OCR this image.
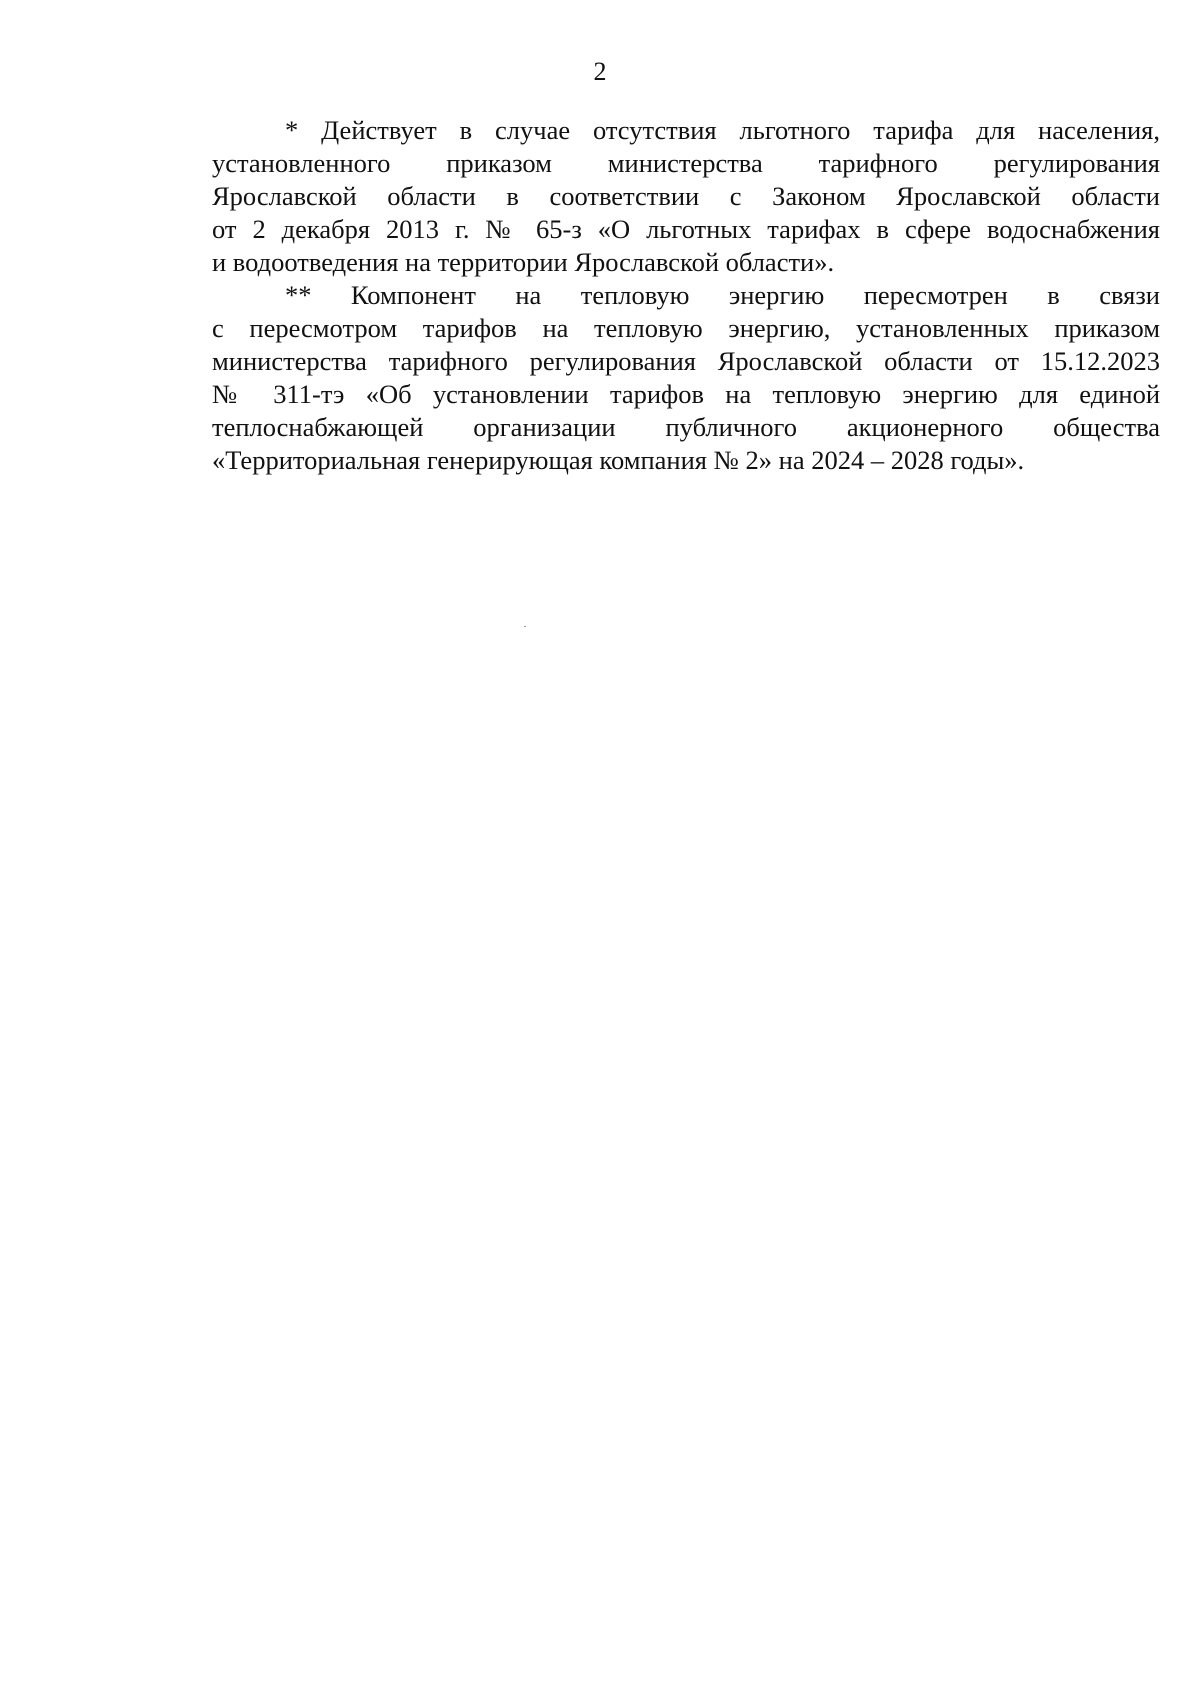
2
* Действует в случае отсутствия льготного тарифа для населения,
установленного приказом министерства тарифного регулирования
Ярославской области в соответствии с Законом Ярославской области
от 2 декабря 2013 г. № 65-з «О льготных тарифах в сфере водоснабжения
и водоотведения на территории Ярославской области».
** Компонент на тепловую энергию пересмотрен в связи
с пересмотром тарифов на тепловую энергию, установленных приказом
министерства тарифного регулирования Ярославской области от 15.12.2023
№ 311-тэ «Об установлении тарифов на тепловую энергию для единой
теплоснабжающей организации публичного акционерного общества
«Территориальная генерирующая компания № 2» на 2024 – 2028 годы».
